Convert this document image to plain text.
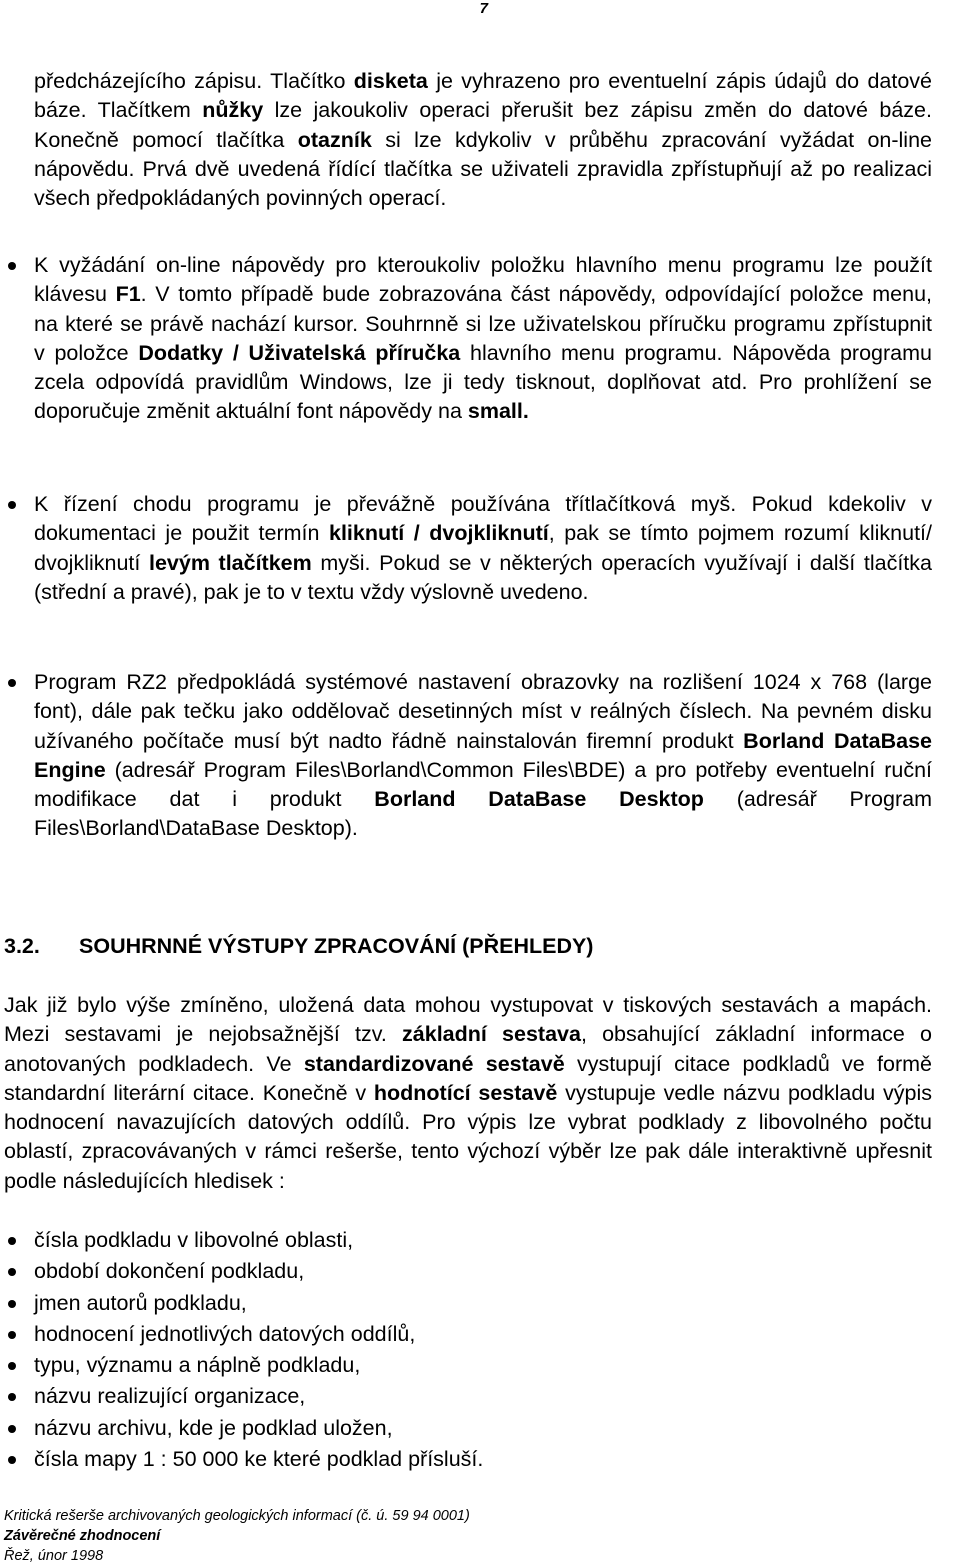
7
předcházejícího zápisu. Tlačítko disketa je vyhrazeno pro eventuelní zápis údajů do datové báze. Tlačítkem nůžky lze jakoukoliv operaci přerušit bez zápisu změn do datové báze. Konečně pomocí tlačítka otazník si lze kdykoliv v průběhu zpracování vyžádat on-line nápovědu. Prvá dvě uvedená řídící tlačítka se uživateli zpravidla zpřístupňují až po realizaci všech předpokládaných povinných operací.
K vyžádání on-line nápovědy pro kteroukoliv položku hlavního menu programu lze použít klávesu F1. V tomto případě bude zobrazována část nápovědy, odpovídající položce menu, na které se právě nachází kursor. Souhrnně si lze uživatelskou příručku programu zpřístupnit v položce Dodatky / Uživatelská příručka hlavního menu programu. Nápověda programu zcela odpovídá pravidlům Windows, lze ji tedy tisknout, doplňovat atd. Pro prohlížení se doporučuje změnit aktuální font nápovědy na small.
K řízení chodu programu je převážně používána třítlačítková myš. Pokud kdekoliv v dokumentaci je použit termín kliknutí / dvojkliknutí, pak se tímto pojmem rozumí kliknutí/ dvojkliknutí levým tlačítkem myši. Pokud se v některých operacích využívají i další tlačítka (střední a pravé), pak je to v textu vždy výslovně uvedeno.
Program RZ2 předpokládá systémové nastavení obrazovky na rozlišení 1024 x 768 (large font), dále pak tečku jako oddělovač desetinných míst v reálných číslech. Na pevném disku užívaného počítače musí být nadto řádně nainstalován firemní produkt Borland DataBase Engine (adresář Program Files\Borland\Common Files\BDE) a pro potřeby eventuelní ruční modifikace dat i produkt Borland DataBase Desktop (adresář Program Files\Borland\DataBase Desktop).
3.2. SOUHRNNÉ VÝSTUPY ZPRACOVÁNÍ (PŘEHLEDY)
Jak již bylo výše zmíněno, uložená data mohou vystupovat v tiskových sestavách a mapách. Mezi sestavami je nejobsažnější tzv. základní sestava, obsahující základní informace o anotovaných podkladech. Ve standardizované sestavě vystupují citace podkladů ve formě standardní literární citace. Konečně v hodnotící sestavě vystupuje vedle názvu podkladu výpis hodnocení navazujících datových oddílů. Pro výpis lze vybrat podklady z libovolného počtu oblastí, zpracovávaných v rámci rešerše, tento výchozí výběr lze pak dále interaktivně upřesnit podle následujících hledisek :
čísla podkladu v libovolné oblasti,
období dokončení podkladu,
jmen autorů podkladu,
hodnocení jednotlivých datových oddílů,
typu, významu a náplně podkladu,
názvu realizující organizace,
názvu archivu, kde je podklad uložen,
čísla mapy 1 : 50 000 ke které podklad přísluší.
Kritická rešerše archivovaných geologických informací (č. ú. 59 94 0001)
Závěrečné zhodnocení
Řež, únor 1998
